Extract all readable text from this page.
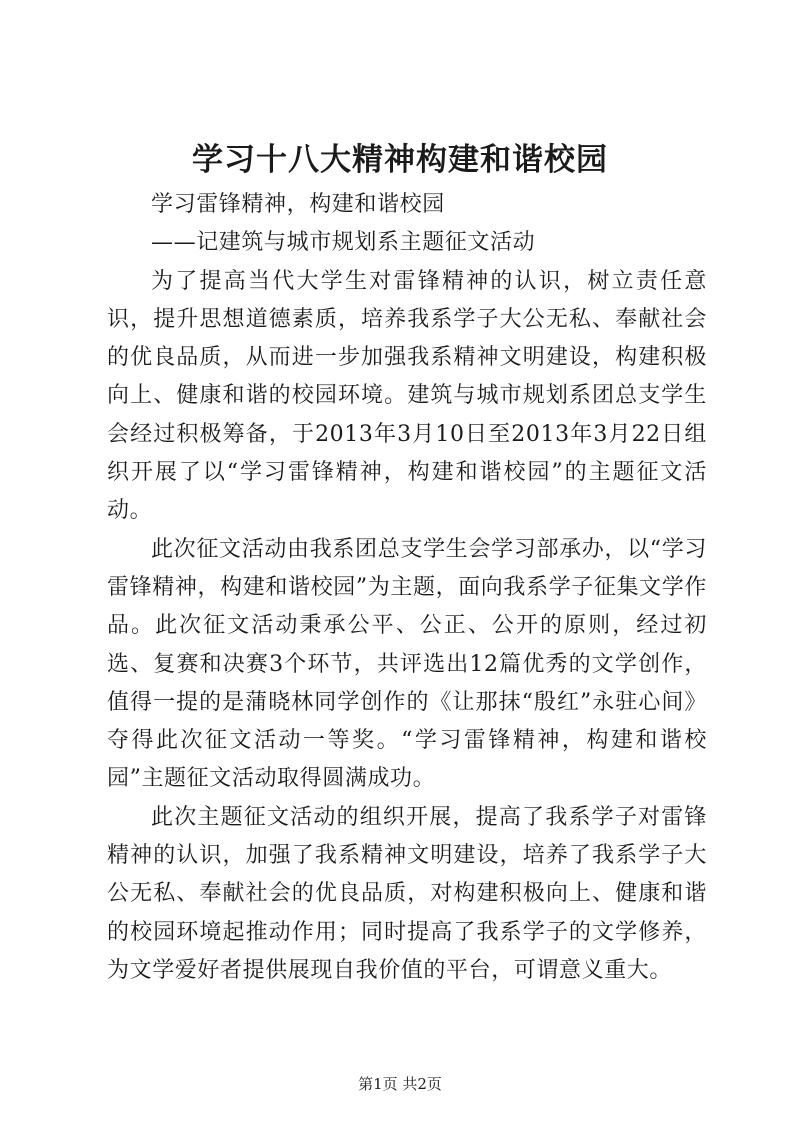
学习十八大精神构建和谐校园

学习雷锋精神，构建和谐校园

——记建筑与城市规划系主题征文活动

为了提高当代大学生对雷锋精神的认识，树立责任意识，提升思想道德素质，培养我系学子大公无私、奉献社会的优良品质，从而进一步加强我系精神文明建设，构建积极向上、健康和谐的校园环境。建筑与城市规划系团总支学生会经过积极筹备，于2013年3月10日至2013年3月22日组织开展了以“学习雷锋精神，构建和谐校园”的主题征文活动。

此次征文活动由我系团总支学生会学习部承办，以“学习雷锋精神，构建和谐校园”为主题，面向我系学子征集文学作品。此次征文活动秉承公平、公正、公开的原则，经过初选、复赛和决赛3个环节，共评选出12篇优秀的文学创作，值得一提的是蒲晓林同学创作的《让那抹“殷红”永驻心间》夺得此次征文活动一等奖。“学习雷锋精神，构建和谐校园”主题征文活动取得圆满成功。

此次主题征文活动的组织开展，提高了我系学子对雷锋精神的认识，加强了我系精神文明建设，培养了我系学子大公无私、奉献社会的优良品质，对构建积极向上、健康和谐的校园环境起推动作用；同时提高了我系学子的文学修养，为文学爱好者提供展现自我价值的平台，可谓意义重大。

第1页 共2页
